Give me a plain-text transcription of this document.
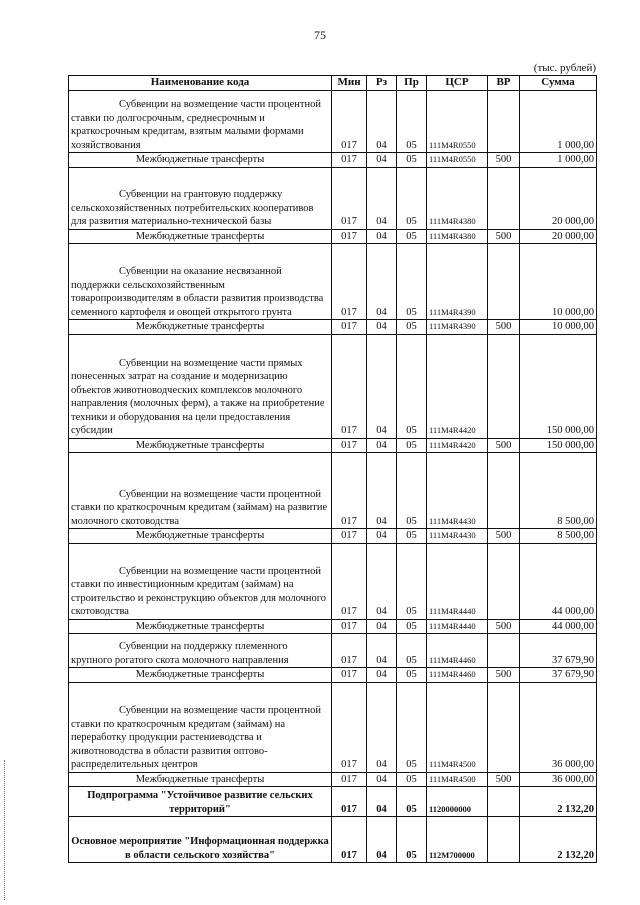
75
(тыс. рублей)
Наименование кода	Мин	Рз	Пр	ЦСР	ВР	Сумма
Субвенции на возмещение части процентной ставки по долгосрочным, среднесрочным и краткосрочным кредитам, взятым малыми формами хозяйствования	017	04	05	111M4R0550		1 000,00
Межбюджетные трансферты	017	04	05	111M4R0550	500	1 000,00
Субвенции на грантовую поддержку сельскохозяйственных потребительских кооперативов для развития материально-технической базы	017	04	05	111M4R4380		20 000,00
Межбюджетные трансферты	017	04	05	111M4R4380	500	20 000,00
Субвенции на оказание несвязанной поддержки сельскохозяйственным товаропроизводителям в области развития производства семенного картофеля и овощей открытого грунта	017	04	05	111M4R4390		10 000,00
Межбюджетные трансферты	017	04	05	111M4R4390	500	10 000,00
Субвенции на возмещение части прямых понесенных затрат на создание и модернизацию объектов животноводческих комплексов молочного направления (молочных ферм), а также на приобретение техники и оборудования на цели предоставления субсидии	017	04	05	111M4R4420		150 000,00
Межбюджетные трансферты	017	04	05	111M4R4420	500	150 000,00
Субвенции на возмещение части процентной ставки по краткосрочным кредитам (займам) на развитие молочного скотоводства	017	04	05	111M4R4430		8 500,00
Межбюджетные трансферты	017	04	05	111M4R4430	500	8 500,00
Субвенции на возмещение части процентной ставки по инвестиционным кредитам (займам) на строительство и реконструкцию объектов для молочного скотоводства	017	04	05	111M4R4440		44 000,00
Межбюджетные трансферты	017	04	05	111M4R4440	500	44 000,00
Субвенции на поддержку племенного крупного рогатого скота молочного направления	017	04	05	111M4R4460		37 679,90
Межбюджетные трансферты	017	04	05	111M4R4460	500	37 679,90
Субвенции на возмещение части процентной ставки по краткосрочным кредитам (займам) на переработку продукции растениеводства и животноводства в области развития оптово-распределительных центров	017	04	05	111M4R4500		36 000,00
Межбюджетные трансферты	017	04	05	111M4R4500	500	36 000,00
Подпрограмма "Устойчивое развитие сельских территорий"	017	04	05	1120000000		2 132,20
Основное мероприятие "Информационная поддержка в области сельского хозяйства"	017	04	05	112M700000		2 132,20
